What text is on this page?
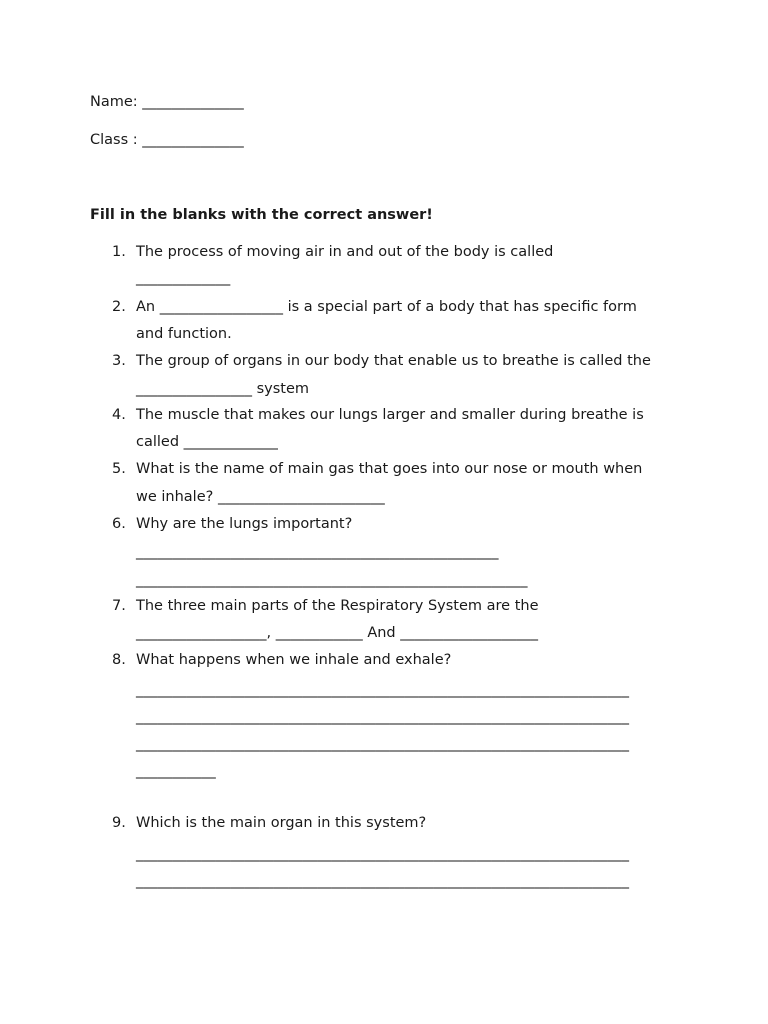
Name: ______________
Class : ______________
Fill in the blanks with the correct answer!
1. The process of moving air in and out of the body is called
_____________
2. An _________________ is a special part of a body that has specific form
and function.
3. The group of organs in our body that enable us to breathe is called the
________________ system
4. The muscle that makes our lungs larger and smaller during breathe is
called _____________
5. What is the name of main gas that goes into our nose or mouth when
we inhale? _______________________
6. Why are the lungs important?
__________________________________________________
______________________________________________________
7. The three main parts of the Respiratory System are the
__________________, ____________ And ___________________
8. What happens when we inhale and exhale?
____________________________________________________________________
____________________________________________________________________
____________________________________________________________________
___________
9. Which is the main organ in this system?
____________________________________________________________________
____________________________________________________________________
